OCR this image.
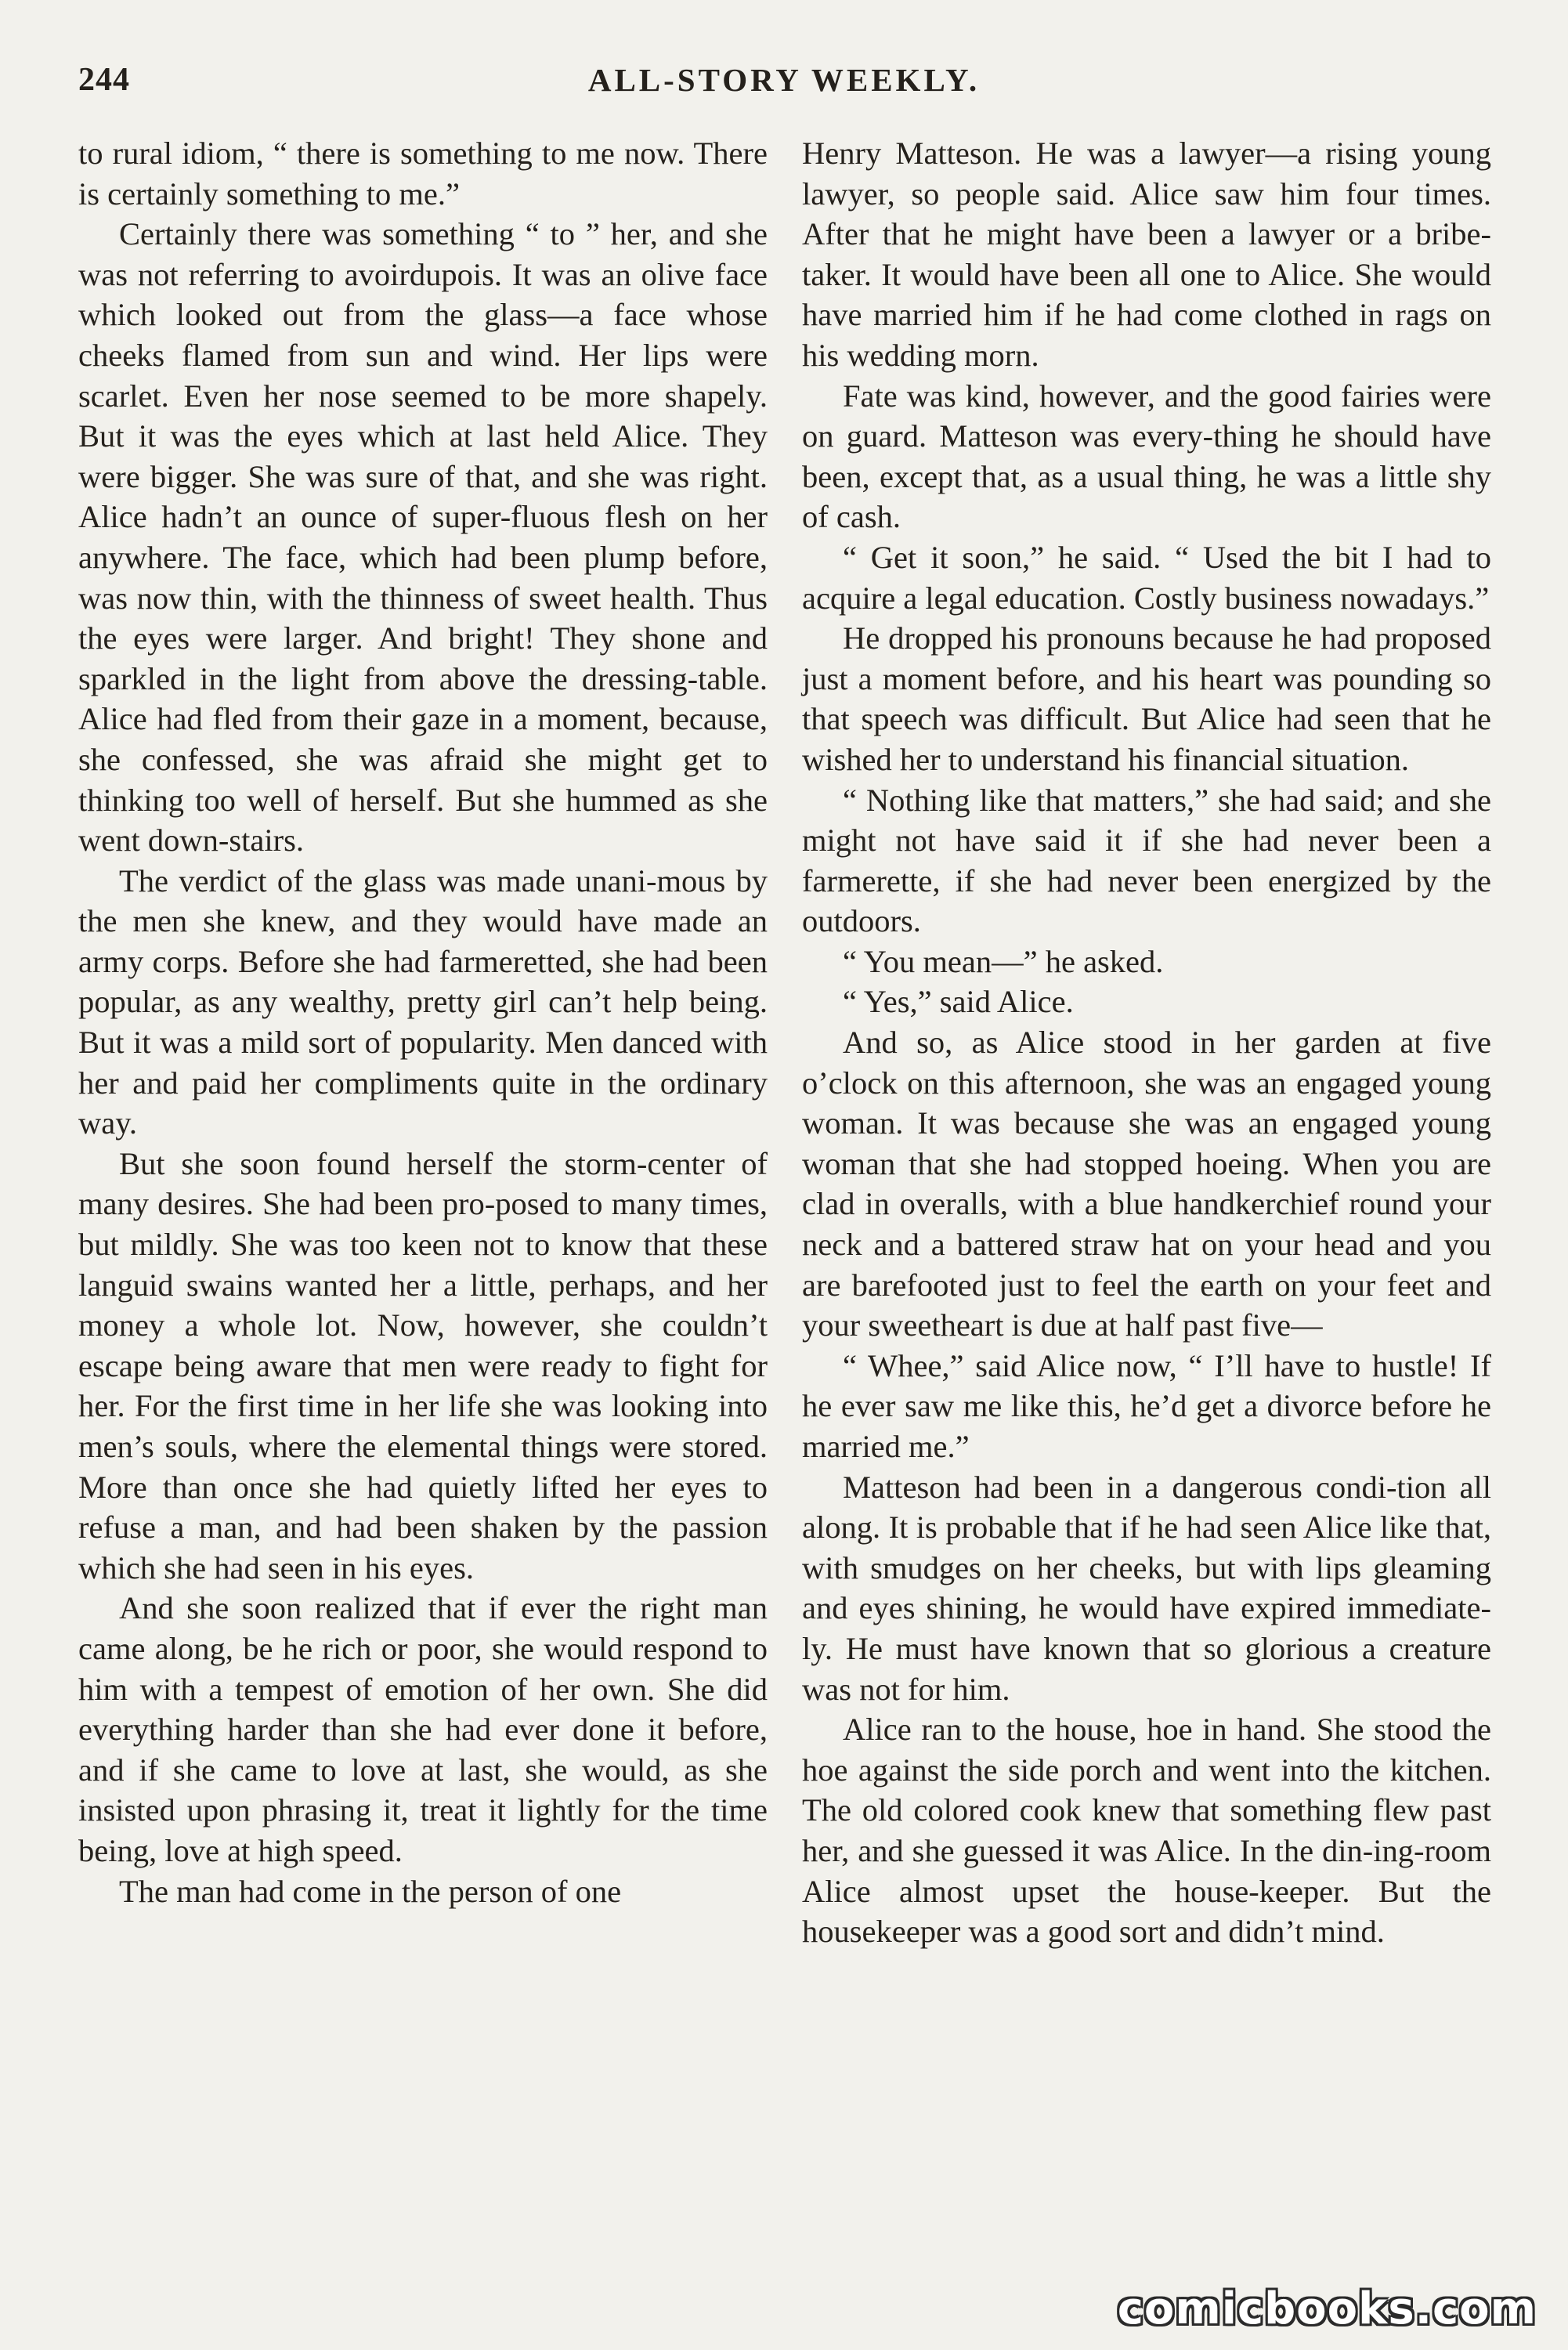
244	ALL-STORY WEEKLY.

to rural idiom, “ there is something to me now. There is certainly something to me.”

Certainly there was something “ to ” her, and she was not referring to avoirdupois. It was an olive face which looked out from the glass—a face whose cheeks flamed from sun and wind. Her lips were scarlet. Even her nose seemed to be more shapely. But it was the eyes which at last held Alice. They were bigger. She was sure of that, and she was right. Alice hadn’t an ounce of super-fluous flesh on her anywhere. The face, which had been plump before, was now thin, with the thinness of sweet health. Thus the eyes were larger. And bright! They shone and sparkled in the light from above the dressing-table. Alice had fled from their gaze in a moment, because, she confessed, she was afraid she might get to thinking too well of herself. But she hummed as she went down-stairs.

The verdict of the glass was made unani-mous by the men she knew, and they would have made an army corps. Before she had farmeretted, she had been popular, as any wealthy, pretty girl can’t help being. But it was a mild sort of popularity. Men danced with her and paid her compliments quite in the ordinary way.

But she soon found herself the storm-center of many desires. She had been pro-posed to many times, but mildly. She was too keen not to know that these languid swains wanted her a little, perhaps, and her money a whole lot. Now, however, she couldn’t escape being aware that men were ready to fight for her. For the first time in her life she was looking into men’s souls, where the elemental things were stored. More than once she had quietly lifted her eyes to refuse a man, and had been shaken by the passion which she had seen in his eyes.

And she soon realized that if ever the right man came along, be he rich or poor, she would respond to him with a tempest of emotion of her own. She did everything harder than she had ever done it before, and if she came to love at last, she would, as she insisted upon phrasing it, treat it lightly for the time being, love at high speed.

The man had come in the person of one

Henry Matteson. He was a lawyer—a rising young lawyer, so people said. Alice saw him four times. After that he might have been a lawyer or a bribe-taker. It would have been all one to Alice. She would have married him if he had come clothed in rags on his wedding morn.

Fate was kind, however, and the good fairies were on guard. Matteson was every-thing he should have been, except that, as a usual thing, he was a little shy of cash.

“ Get it soon,” he said. “ Used the bit I had to acquire a legal education. Costly business nowadays.”

He dropped his pronouns because he had proposed just a moment before, and his heart was pounding so that speech was difficult. But Alice had seen that he wished her to understand his financial situation.

“ Nothing like that matters,” she had said; and she might not have said it if she had never been a farmerette, if she had never been energized by the outdoors.

“ You mean—” he asked.

“ Yes,” said Alice.

And so, as Alice stood in her garden at five o’clock on this afternoon, she was an engaged young woman. It was because she was an engaged young woman that she had stopped hoeing. When you are clad in overalls, with a blue handkerchief round your neck and a battered straw hat on your head and you are barefooted just to feel the earth on your feet and your sweetheart is due at half past five—

“ Whee,” said Alice now, “ I’ll have to hustle! If he ever saw me like this, he’d get a divorce before he married me.”

Matteson had been in a dangerous condi-tion all along. It is probable that if he had seen Alice like that, with smudges on her cheeks, but with lips gleaming and eyes shining, he would have expired immediate-ly. He must have known that so glorious a creature was not for him.

Alice ran to the house, hoe in hand. She stood the hoe against the side porch and went into the kitchen. The old colored cook knew that something flew past her, and she guessed it was Alice. In the din-ing-room Alice almost upset the house-keeper. But the housekeeper was a good sort and didn’t mind.

comicbooks.com
